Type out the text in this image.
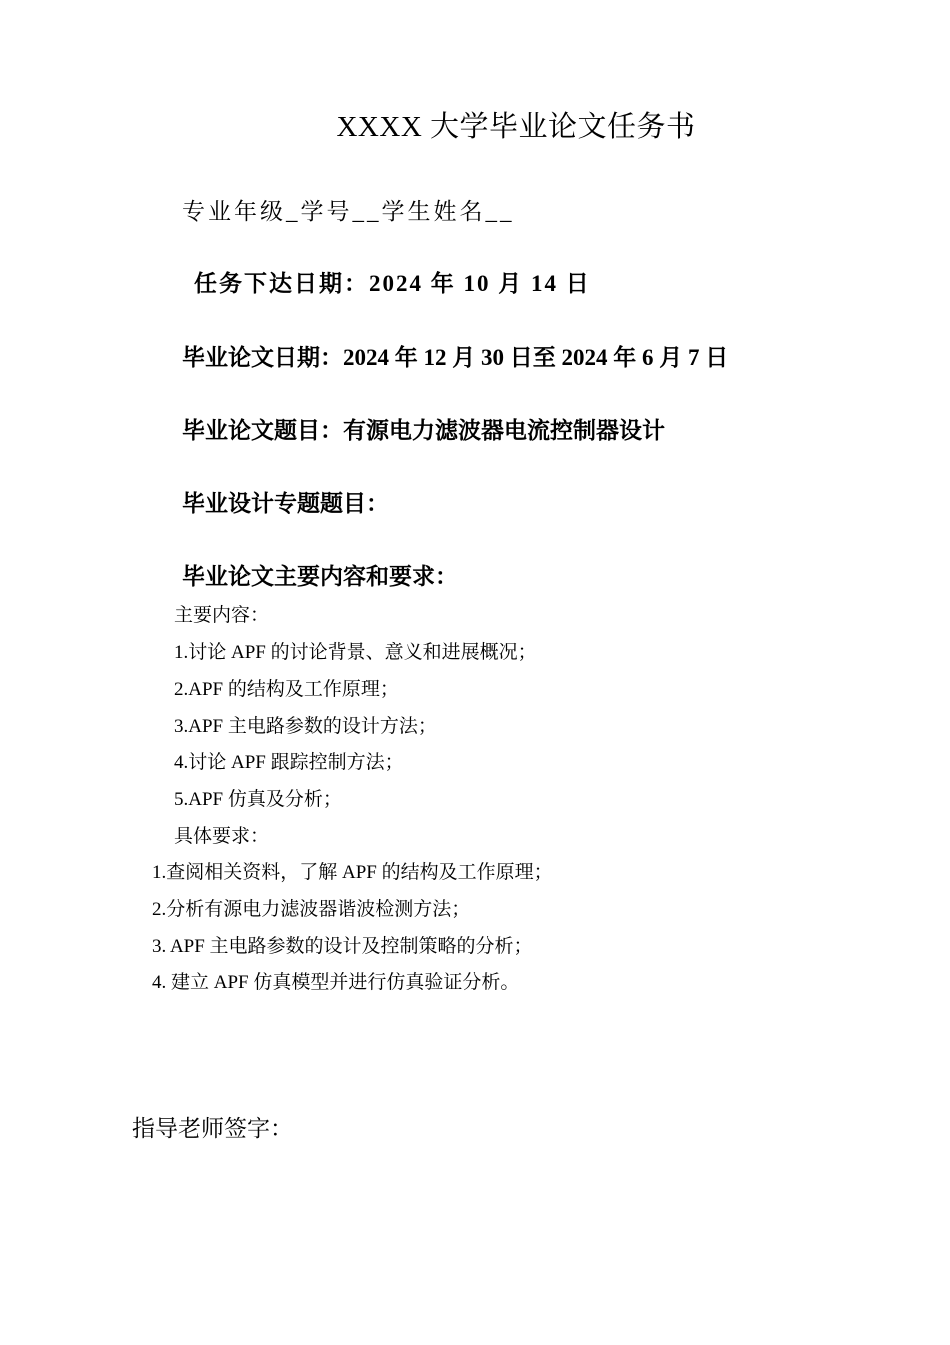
XXXX 大学毕业论文任务书
专业年级_学号__学生姓名__
任务下达日期：2024 年 10 月 14 日
毕业论文日期：2024 年 12 月 30 日至 2024 年 6 月 7 日
毕业论文题目：有源电力滤波器电流控制器设计
毕业设计专题题目：
毕业论文主要内容和要求：
主要内容：
1.讨论 APF 的讨论背景、意义和进展概况；
2.APF 的结构及工作原理；
3.APF 主电路参数的设计方法；
4.讨论 APF 跟踪控制方法；
5.APF 仿真及分析；
具体要求：
1.查阅相关资料，了解 APF 的结构及工作原理；
2.分析有源电力滤波器谐波检测方法；
3. APF 主电路参数的设计及控制策略的分析；
4. 建立 APF 仿真模型并进行仿真验证分析。
指导老师签字：
